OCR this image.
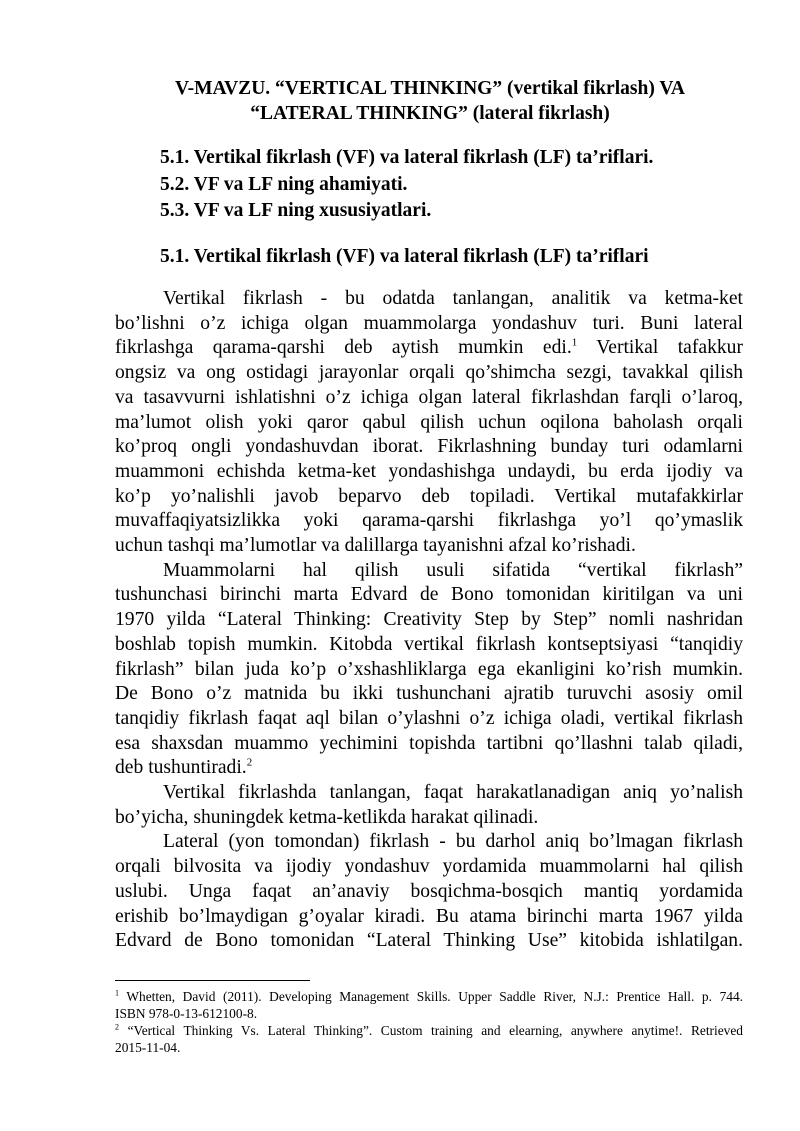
V-MAVZU. “VERTICAL THINKING” (vertikal fikrlash) VA
“LATERAL THINKING” (lateral fikrlash)
5.1. Vertikal fikrlash (VF) va lateral fikrlash (LF) ta’riflari.
5.2. VF va LF ning ahamiyati.
5.3. VF va LF ning xususiyatlari.
5.1. Vertikal fikrlash (VF) va lateral fikrlash (LF) ta’riflari
Vertikal fikrlash - bu odatda tanlangan, analitik va ketma-ket
bo’lishni o’z ichiga olgan muammolarga yondashuv turi. Buni lateral
fikrlashga qarama-qarshi deb aytish mumkin edi.$^1$ Vertikal tafakkur
ongsiz va ong ostidagi jarayonlar orqali qo’shimcha sezgi, tavakkal qilish
va tasavvurni ishlatishni o’z ichiga olgan lateral fikrlashdan farqli o’laroq,
ma’lumot olish yoki qaror qabul qilish uchun oqilona baholash orqali
ko’proq ongli yondashuvdan iborat. Fikrlashning bunday turi odamlarni
muammoni echishda ketma-ket yondashishga undaydi, bu erda ijodiy va
ko’p yo’nalishli javob beparvo deb topiladi. Vertikal mutafakkirlar
muvaffaqiyatsizlikka yoki qarama-qarshi fikrlashga yo’l qo’ymaslik
uchun tashqi ma’lumotlar va dalillarga tayanishni afzal ko’rishadi.
Muammolarni hal qilish usuli sifatida “vertikal fikrlash”
tushunchasi birinchi marta Edvard de Bono tomonidan kiritilgan va uni
1970 yilda “Lateral Thinking: Creativity Step by Step” nomli nashridan
boshlab topish mumkin. Kitobda vertikal fikrlash kontseptsiyasi “tanqidiy
fikrlash” bilan juda ko’p o’xshashliklarga ega ekanligini ko’rish mumkin.
De Bono o’z matnida bu ikki tushunchani ajratib turuvchi asosiy omil
tanqidiy fikrlash faqat aql bilan o’ylashni o’z ichiga oladi, vertikal fikrlash
esa shaxsdan muammo yechimini topishda tartibni qo’llashni talab qiladi,
deb tushuntiradi.$^2$
Vertikal fikrlashda tanlangan, faqat harakatlanadigan aniq yo’nalish
bo’yicha, shuningdek ketma-ketlikda harakat qilinadi.
Lateral (yon tomondan) fikrlash - bu darhol aniq bo’lmagan fikrlash
orqali bilvosita va ijodiy yondashuv yordamida muammolarni hal qilish
uslubi. Unga faqat an’anaviy bosqichma-bosqich mantiq yordamida
erishib bo’lmaydigan g’oyalar kiradi. Bu atama birinchi marta 1967 yilda
Edvard de Bono tomonidan “Lateral Thinking Use” kitobida ishlatilgan.
$^1$ Whetten, David (2011). Developing Management Skills. Upper Saddle River, N.J.: Prentice Hall. p. 744.
ISBN 978-0-13-612100-8.
$^2$ “Vertical Thinking Vs. Lateral Thinking”. Custom training and elearning, anywhere anytime!. Retrieved
2015-11-04.
